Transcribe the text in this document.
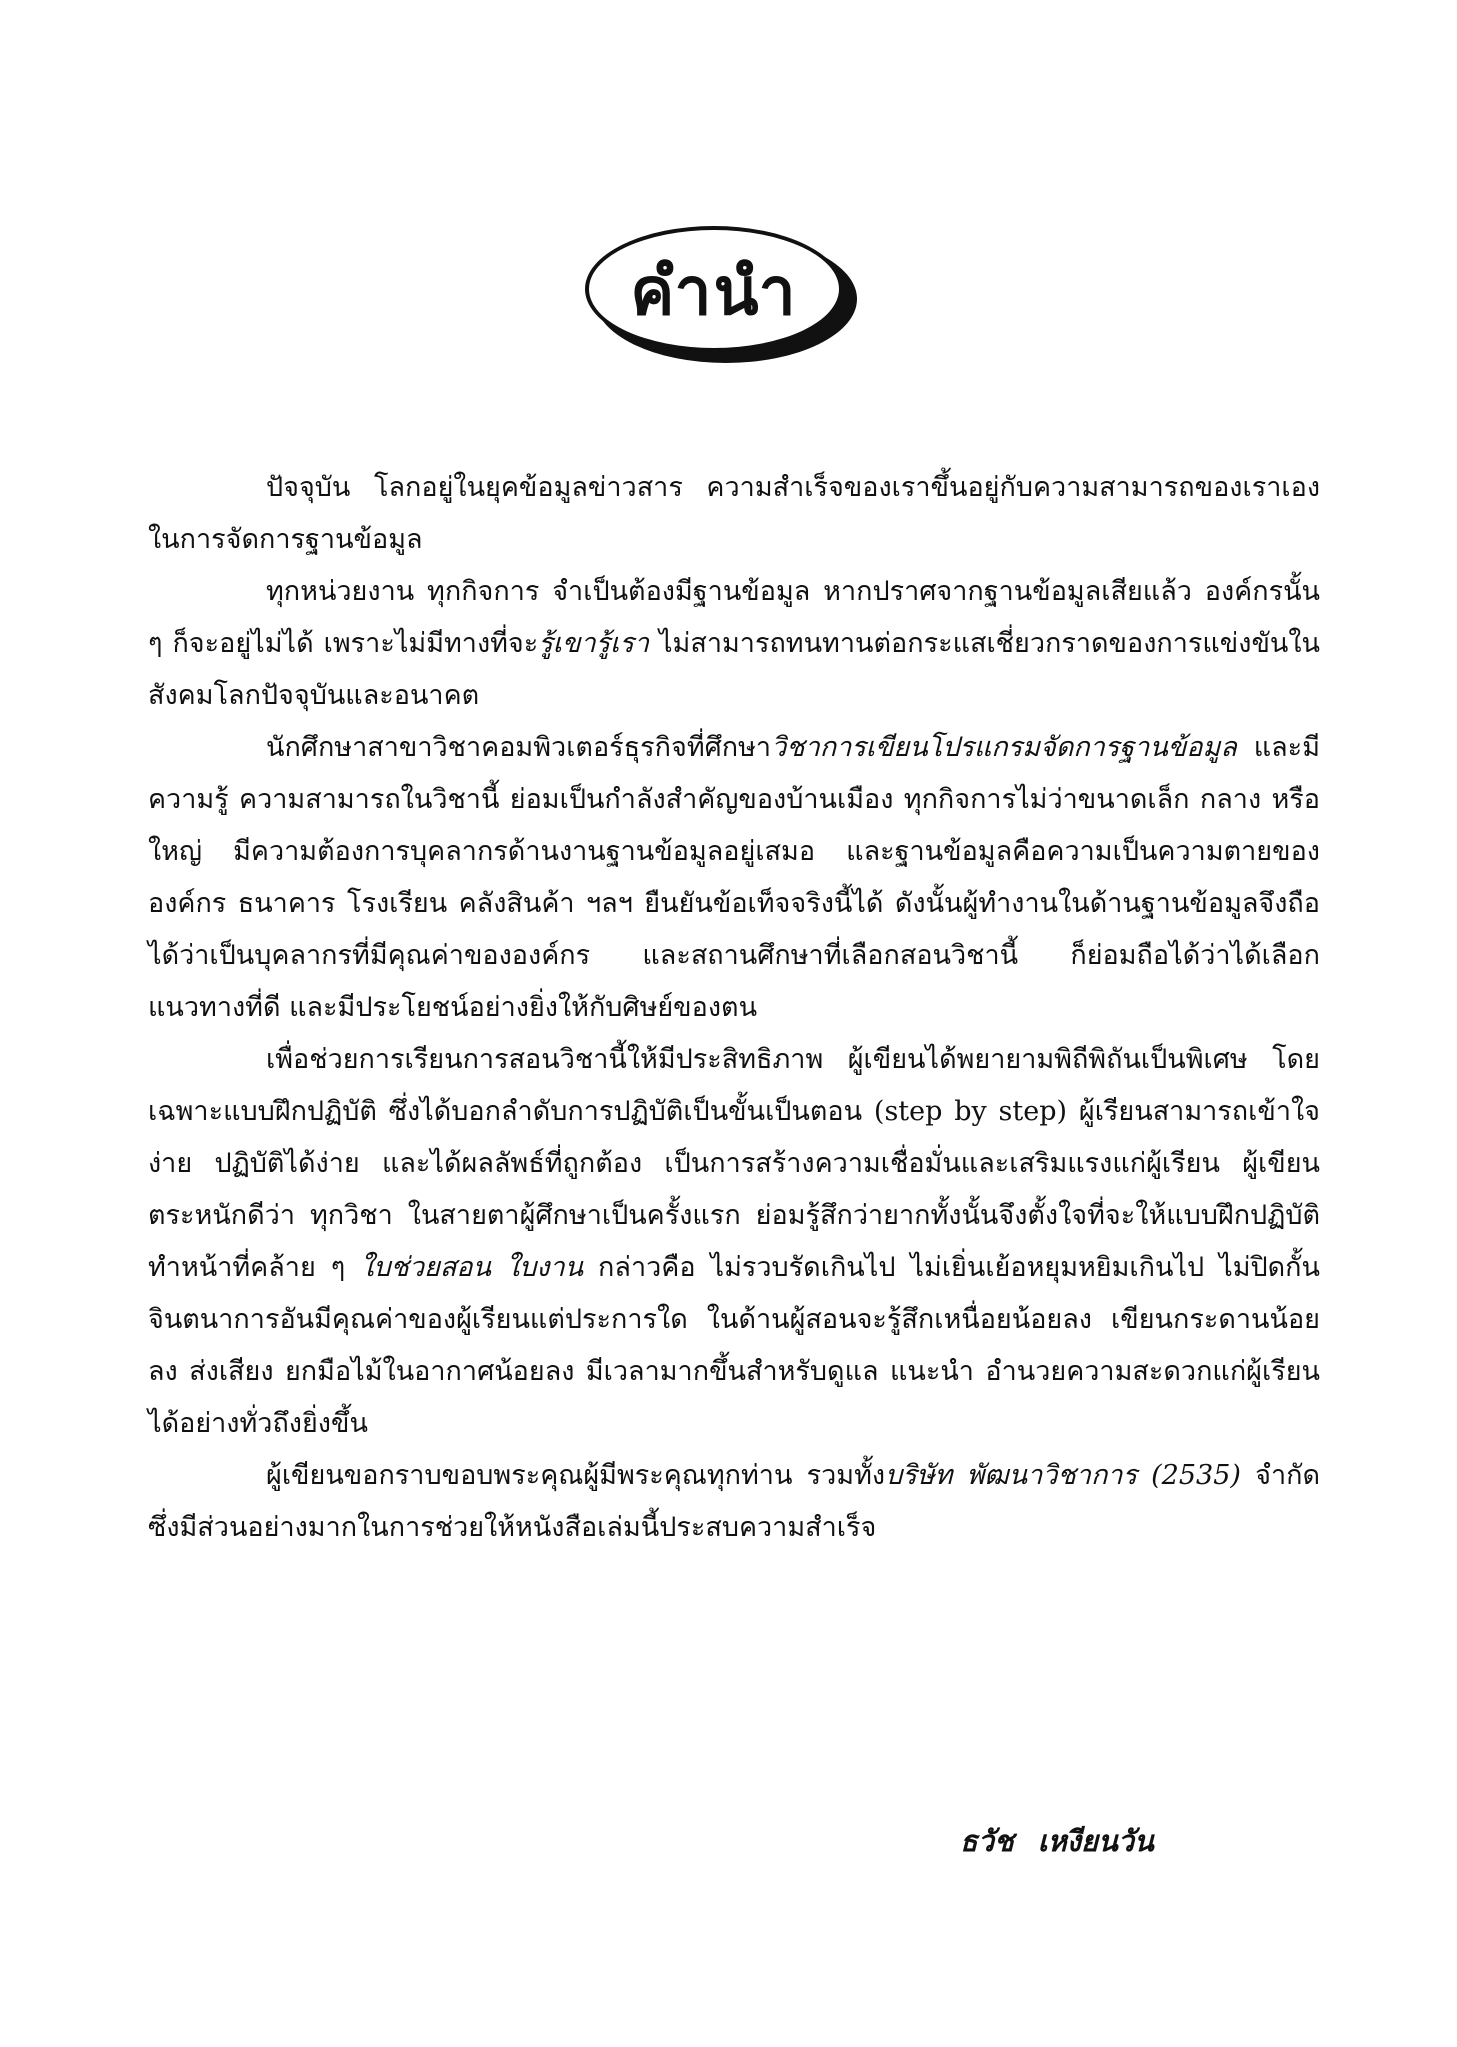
คำนำ

ปัจจุบัน โลกอยู่ในยุคข้อมูลข่าวสาร ความสำเร็จของเราขึ้นอยู่กับความสามารถของเราเอง ในการจัดการฐานข้อมูล

ทุกหน่วยงาน ทุกกิจการ จำเป็นต้องมีฐานข้อมูล หากปราศจากฐานข้อมูลเสียแล้ว องค์กรนั้น ๆ ก็จะอยู่ไม่ได้ เพราะไม่มีทางที่จะรู้เขารู้เรา ไม่สามารถทนทานต่อกระแสเชี่ยวกราดของการแข่งขันในสังคมโลกปัจจุบันและอนาคต

นักศึกษาสาขาวิชาคอมพิวเตอร์ธุรกิจที่ศึกษาวิชาการเขียนโปรแกรมจัดการฐานข้อมูล และมีความรู้ ความสามารถในวิชานี้ ย่อมเป็นกำลังสำคัญของบ้านเมือง ทุกกิจการไม่ว่าขนาดเล็ก กลาง หรือใหญ่ มีความต้องการบุคลากรด้านงานฐานข้อมูลอยู่เสมอ และฐานข้อมูลคือความเป็นความตายขององค์กร ธนาคาร โรงเรียน คลังสินค้า ฯลฯ ยืนยันข้อเท็จจริงนี้ได้ ดังนั้นผู้ทำงานในด้านฐานข้อมูลจึงถือได้ว่าเป็นบุคลากรที่มีคุณค่าขององค์กร และสถานศึกษาที่เลือกสอนวิชานี้ ก็ย่อมถือได้ว่าได้เลือกแนวทางที่ดี และมีประโยชน์อย่างยิ่งให้กับศิษย์ของตน

เพื่อช่วยการเรียนการสอนวิชานี้ให้มีประสิทธิภาพ ผู้เขียนได้พยายามพิถีพิถันเป็นพิเศษ โดยเฉพาะแบบฝึกปฏิบัติ ซึ่งได้บอกลำดับการปฏิบัติเป็นขั้นเป็นตอน (step by step) ผู้เรียนสามารถเข้าใจง่าย ปฏิบัติได้ง่าย และได้ผลลัพธ์ที่ถูกต้อง เป็นการสร้างความเชื่อมั่นและเสริมแรงแก่ผู้เรียน ผู้เขียนตระหนักดีว่า ทุกวิชา ในสายตาผู้ศึกษาเป็นครั้งแรก ย่อมรู้สึกว่ายากทั้งนั้นจึงตั้งใจที่จะให้แบบฝึกปฏิบัติทำหน้าที่คล้าย ๆ ใบช่วยสอน ใบงาน กล่าวคือ ไม่รวบรัดเกินไป ไม่เยิ่นเย้อหยุมหยิมเกินไป ไม่ปิดกั้นจินตนาการอันมีคุณค่าของผู้เรียนแต่ประการใด ในด้านผู้สอนจะรู้สึกเหนื่อยน้อยลง เขียนกระดานน้อยลง ส่งเสียง ยกมือไม้ในอากาศน้อยลง มีเวลามากขึ้นสำหรับดูแล แนะนำ อำนวยความสะดวกแก่ผู้เรียนได้อย่างทั่วถึงยิ่งขึ้น

ผู้เขียนขอกราบขอบพระคุณผู้มีพระคุณทุกท่าน รวมทั้งบริษัท พัฒนาวิชาการ (2535) จำกัด ซึ่งมีส่วนอย่างมากในการช่วยให้หนังสือเล่มนี้ประสบความสำเร็จ

ธวัช เหงียนวัน
